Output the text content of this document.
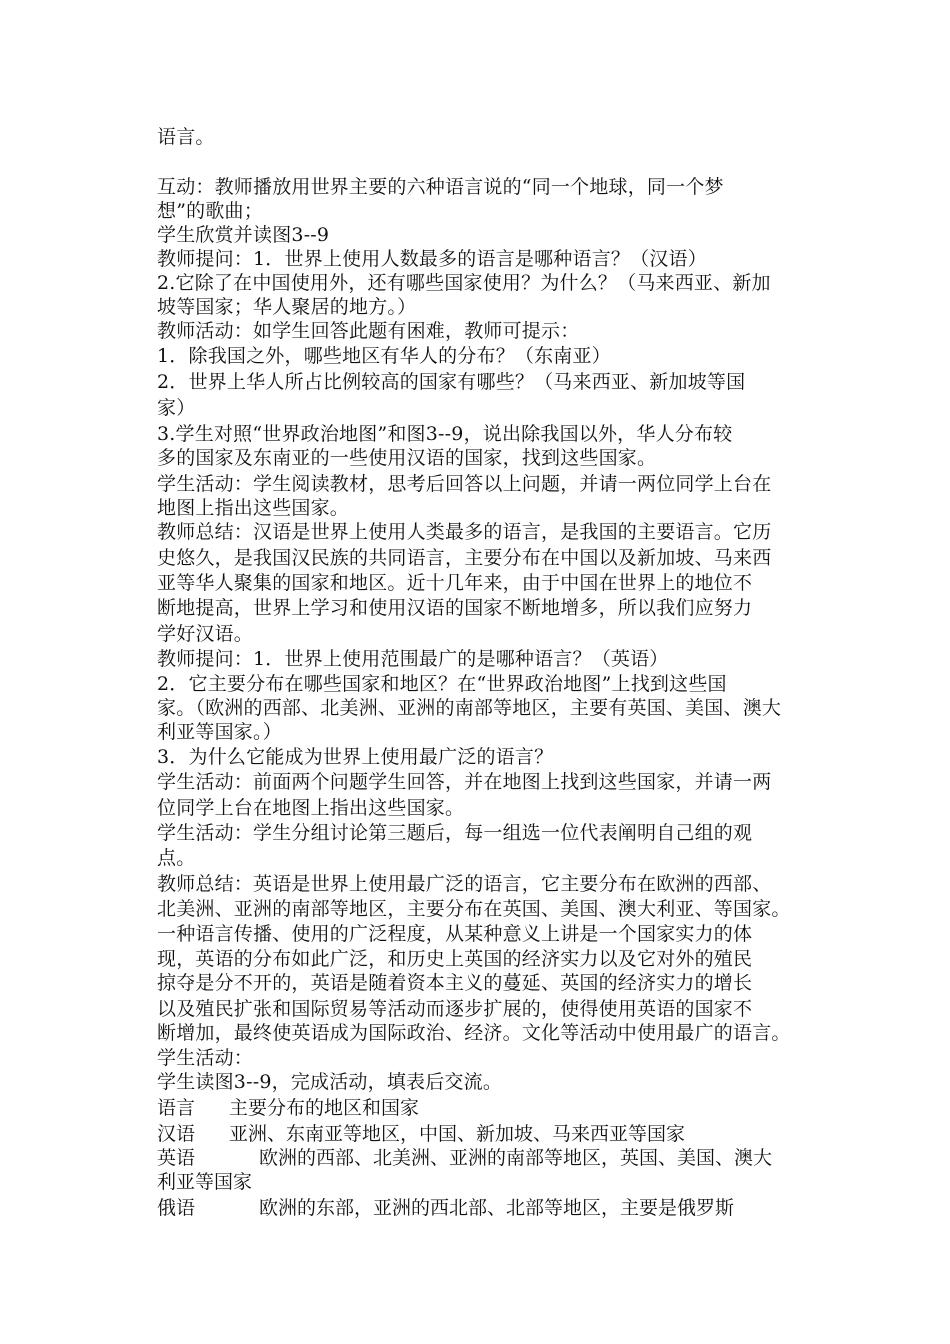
语言。
互动：教师播放用世界主要的六种语言说的“同一个地球，同一个梦
想”的歌曲；
学生欣赏并读图3--9
教师提问：1．世界上使用人数最多的语言是哪种语言？（汉语）
2.它除了在中国使用外，还有哪些国家使用？为什么？（马来西亚、新加
坡等国家；华人聚居的地方。）
教师活动：如学生回答此题有困难，教师可提示：
1．除我国之外，哪些地区有华人的分布？（东南亚）
2．世界上华人所占比例较高的国家有哪些？（马来西亚、新加坡等国
家）
3.学生对照“世界政治地图”和图3--9，说出除我国以外，华人分布较
多的国家及东南亚的一些使用汉语的国家，找到这些国家。
学生活动：学生阅读教材，思考后回答以上问题，并请一两位同学上台在
地图上指出这些国家。
教师总结：汉语是世界上使用人类最多的语言，是我国的主要语言。它历
史悠久，是我国汉民族的共同语言，主要分布在中国以及新加坡、马来西
亚等华人聚集的国家和地区。近十几年来，由于中国在世界上的地位不
断地提高，世界上学习和使用汉语的国家不断地增多，所以我们应努力
学好汉语。
教师提问：1．世界上使用范围最广的是哪种语言？（英语）
2．它主要分布在哪些国家和地区？在“世界政治地图”上找到这些国
家。（欧洲的西部、北美洲、亚洲的南部等地区，主要有英国、美国、澳大
利亚等国家。）
3．为什么它能成为世界上使用最广泛的语言？
学生活动：前面两个问题学生回答，并在地图上找到这些国家，并请一两
位同学上台在地图上指出这些国家。
学生活动：学生分组讨论第三题后，每一组选一位代表阐明自己组的观
点。
教师总结：英语是世界上使用最广泛的语言，它主要分布在欧洲的西部、
北美洲、亚洲的南部等地区，主要分布在英国、美国、澳大利亚、等国家。
一种语言传播、使用的广泛程度，从某种意义上讲是一个国家实力的体
现，英语的分布如此广泛，和历史上英国的经济实力以及它对外的殖民
掠夺是分不开的，英语是随着资本主义的蔓延、英国的经济实力的增长
以及殖民扩张和国际贸易等活动而逐步扩展的，使得使用英语的国家不
断增加，最终使英语成为国际政治、经济。文化等活动中使用最广的语言。
学生活动：
学生读图3--9，完成活动，填表后交流。
语言 主要分布的地区和国家
汉语 亚洲、东南亚等地区，中国、新加坡、马来西亚等国家
英语	欧洲的西部、北美洲、亚洲的南部等地区，英国、美国、澳大
利亚等国家
俄语	欧洲的东部，亚洲的西北部、北部等地区，主要是俄罗斯
